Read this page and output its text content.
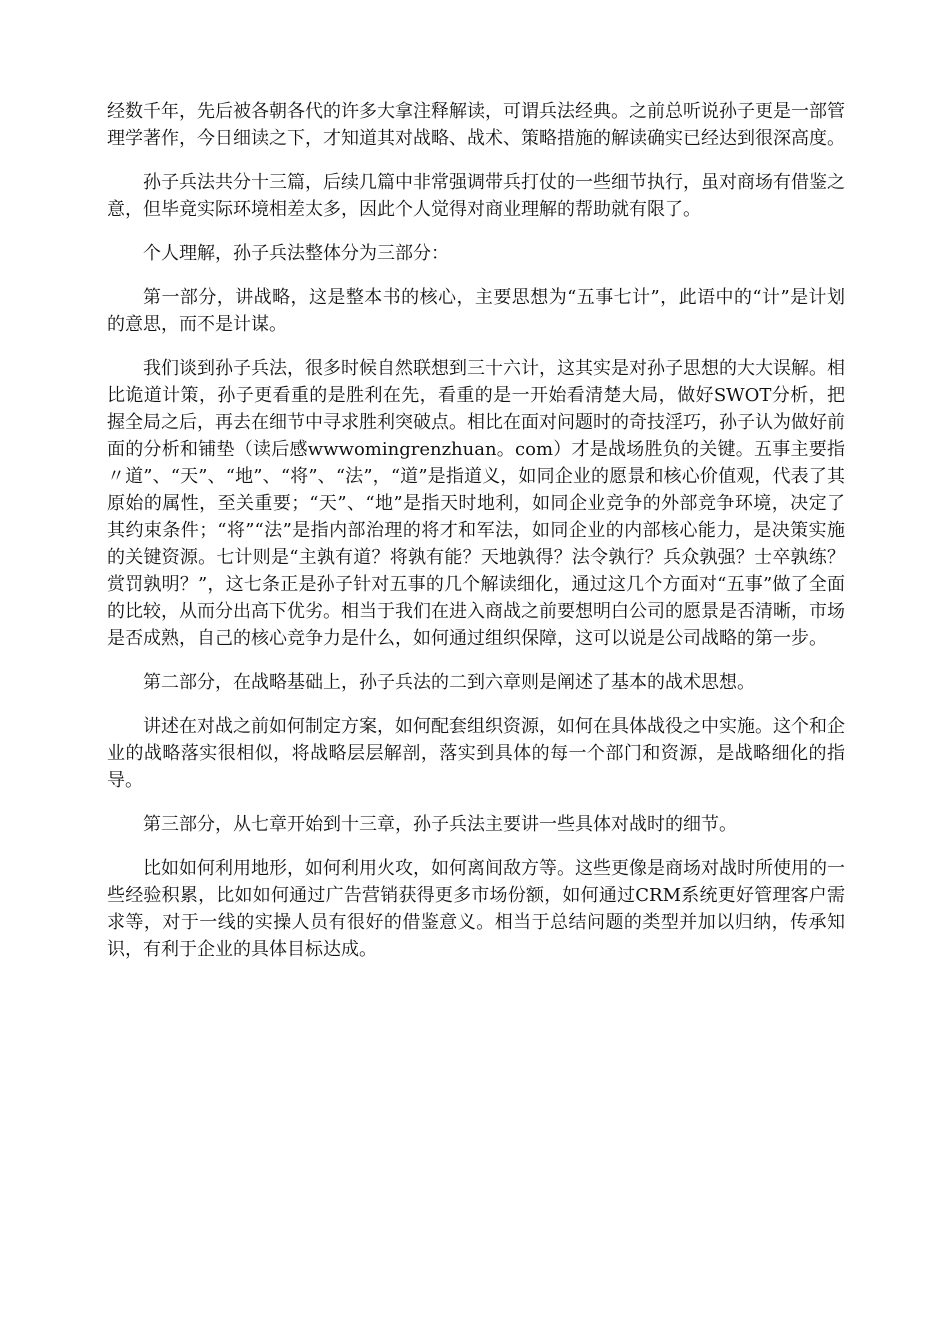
经数千年，先后被各朝各代的许多大拿注释解读，可谓兵法经典。之前总听说孙子更是一部管理学著作，今日细读之下，才知道其对战略、战术、策略措施的解读确实已经达到很深高度。

孙子兵法共分十三篇，后续几篇中非常强调带兵打仗的一些细节执行，虽对商场有借鉴之意，但毕竟实际环境相差太多，因此个人觉得对商业理解的帮助就有限了。

个人理解，孙子兵法整体分为三部分：

第一部分，讲战略，这是整本书的核心，主要思想为“五事七计”，此语中的“计”是计划的意思，而不是计谋。

我们谈到孙子兵法，很多时候自然联想到三十六计，这其实是对孙子思想的大大误解。相比诡道计策，孙子更看重的是胜利在先，看重的是一开始看清楚大局，做好SWOT分析，把握全局之后，再去在细节中寻求胜利突破点。相比在面对问题时的奇技淫巧，孙子认为做好前面的分析和铺垫（读后感wwwomingrenzhuan。com）才是战场胜负的关键。五事主要指〃道”、“天”、“地”、“将”、“法”，“道”是指道义，如同企业的愿景和核心价值观，代表了其原始的属性，至关重要；“天”、“地”是指天时地利，如同企业竞争的外部竞争环境，决定了其约束条件；“将”“法”是指内部治理的将才和军法，如同企业的内部核心能力，是决策实施的关键资源。七计则是“主孰有道？将孰有能？天地孰得？法令孰行？兵众孰强？士卒孰练？赏罚孰明？”，这七条正是孙子针对五事的几个解读细化，通过这几个方面对“五事”做了全面的比较，从而分出高下优劣。相当于我们在进入商战之前要想明白公司的愿景是否清晰，市场是否成熟，自己的核心竞争力是什么，如何通过组织保障，这可以说是公司战略的第一步。

第二部分，在战略基础上，孙子兵法的二到六章则是阐述了基本的战术思想。

讲述在对战之前如何制定方案，如何配套组织资源，如何在具体战役之中实施。这个和企业的战略落实很相似，将战略层层解剖，落实到具体的每一个部门和资源，是战略细化的指导。

第三部分，从七章开始到十三章，孙子兵法主要讲一些具体对战时的细节。

比如如何利用地形，如何利用火攻，如何离间敌方等。这些更像是商场对战时所使用的一些经验积累，比如如何通过广告营销获得更多市场份额，如何通过CRM系统更好管理客户需求等，对于一线的实操人员有很好的借鉴意义。相当于总结问题的类型并加以归纳，传承知识，有利于企业的具体目标达成。
